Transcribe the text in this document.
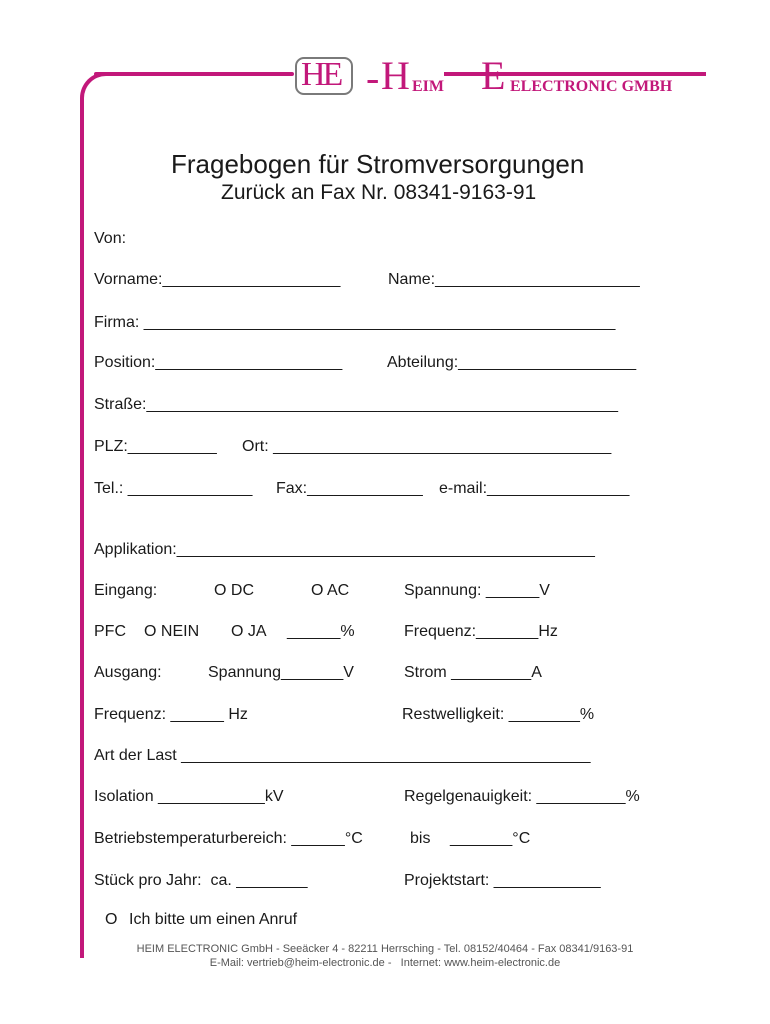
HE - H EIM E ELECTRONIC GMBH
Fragebogen für Stromversorgungen
Zurück an Fax Nr. 08341-9163-91
Von:
Vorname:____________________	Name:_______________________
Firma: _____________________________________________________
Position:_____________________	Abteilung:____________________
Straße:_____________________________________________________
PLZ:__________ Ort: ______________________________________
Tel.: ______________ Fax:_____________ e-mail:________________
Applikation:_______________________________________________
Eingang:	O DC	O AC	Spannung: ______V
PFC O NEIN O JA ______%	Frequenz:_______Hz
Ausgang:	Spannung_______V	Strom _________A
Frequenz: ______ Hz	Restwelligkeit: ________%
Art der Last ______________________________________________
Isolation ____________kV	Regelgenauigkeit: __________%
Betriebstemperaturbereich: ______°C	bis _______°C
Stück pro Jahr:  ca. ________	Projektstart: ____________
O Ich bitte um einen Anruf
HEIM ELECTRONIC GmbH - Seeäcker 4 - 82211 Herrsching - Tel. 08152/40464 - Fax 08341/9163-91
E-Mail: vertrieb@heim-electronic.de -   Internet: www.heim-electronic.de
